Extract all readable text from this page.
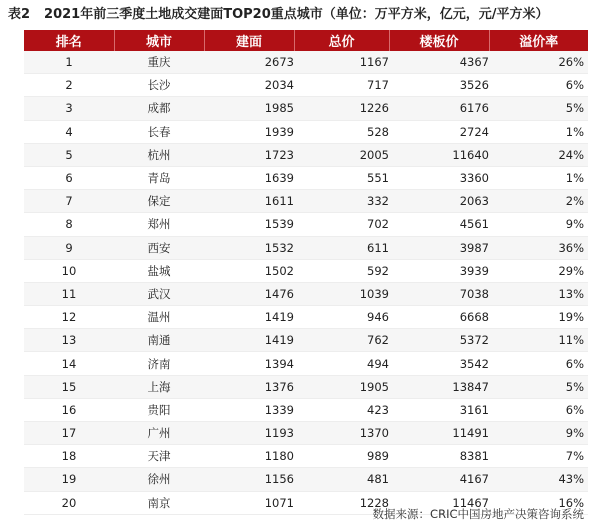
表2 2021年前三季度土地成交建面TOP20重点城市（单位：万平方米，亿元，元/平方米）
排名	城市	建面	总价	楼板价	溢价率
1	重庆	2673	1167	4367	26%
2	长沙	2034	717	3526	6%
3	成都	1985	1226	6176	5%
4	长春	1939	528	2724	1%
5	杭州	1723	2005	11640	24%
6	青岛	1639	551	3360	1%
7	保定	1611	332	2063	2%
8	郑州	1539	702	4561	9%
9	西安	1532	611	3987	36%
10	盐城	1502	592	3939	29%
11	武汉	1476	1039	7038	13%
12	温州	1419	946	6668	19%
13	南通	1419	762	5372	11%
14	济南	1394	494	3542	6%
15	上海	1376	1905	13847	5%
16	贵阳	1339	423	3161	6%
17	广州	1193	1370	11491	9%
18	天津	1180	989	8381	7%
19	徐州	1156	481	4167	43%
20	南京	1071	1228	11467	16%
数据来源：CRIC中国房地产决策咨询系统
